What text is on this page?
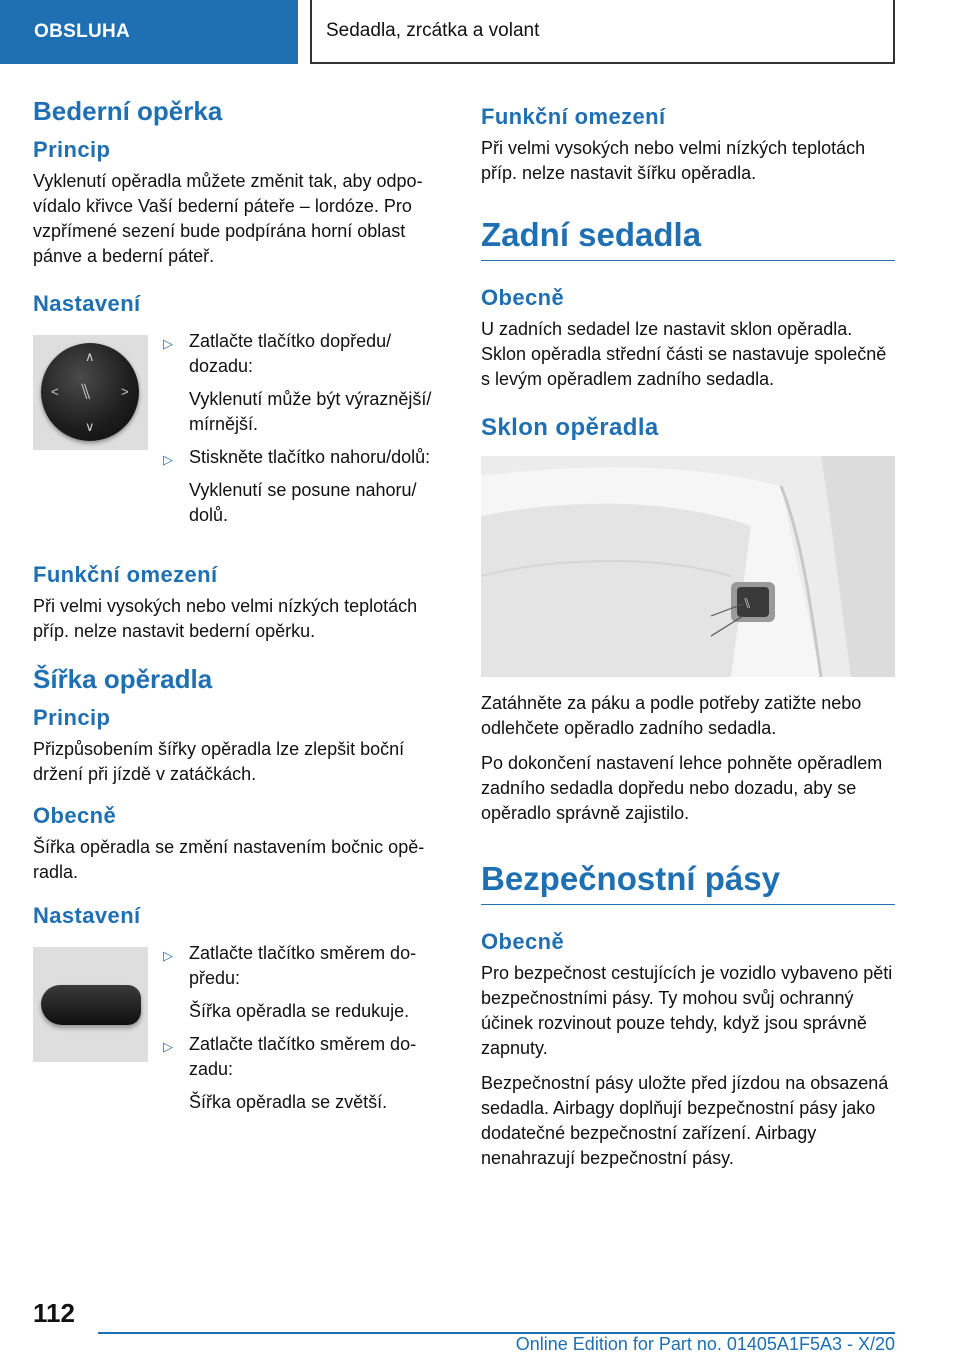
OBSLUHA	Sedadla, zrcátka a volant
Bederní opěrka
Princip

Vyklenutí opěradla můžete změnit tak, aby odpovídalo křivce Vaší bederní páteře – lordóze. Pro vzpřímené sezení bude podpírána horní oblast pánve a bederní páteř.

Nastavení
∧
∨
<	>
⑊
▷ Zatlačte tlačítko dopředu/ dozadu:
Vyklenutí může být výraznější/ mírnější.
▷ Stiskněte tlačítko nahoru/dolů:
Vyklenutí se posune nahoru/ dolů.
Funkční omezení

Při velmi vysokých nebo velmi nízkých teplotách příp. nelze nastavit bederní opěrku.

Šířka opěradla
Princip

Přizpůsobením šířky opěradla lze zlepšit boční držení při jízdě v zatáčkách.

Obecně

Šířka opěradla se změní nastavením bočnic opěradla.

Nastavení
▷ Zatlačte tlačítko směrem dopředu:
Šířka opěradla se redukuje.
▷ Zatlačte tlačítko směrem dozadu:
Šířka opěradla se zvětší.
Funkční omezení

Při velmi vysokých nebo velmi nízkých teplotách příp. nelze nastavit šířku opěradla.

Zadní sedadla
Obecně

U zadních sedadel lze nastavit sklon opěradla. Sklon opěradla střední části se nastavuje společně s levým opěradlem zadního sedadla.

Sklon opěradla
⑊

Zatáhněte za páku a podle potřeby zatižte nebo odlehčete opěradlo zadního sedadla.

Po dokončení nastavení lehce pohněte opěradlem zadního sedadla dopředu nebo dozadu, aby se opěradlo správně zajistilo.

Bezpečnostní pásy
Obecně

Pro bezpečnost cestujících je vozidlo vybaveno pěti bezpečnostními pásy. Ty mohou svůj ochranný účinek rozvinout pouze tehdy, když jsou správně zapnuty.

Bezpečnostní pásy uložte před jízdou na obsazená sedadla. Airbagy doplňují bezpečnostní pásy jako dodatečné bezpečnostní zařízení. Airbagy nenahrazují bezpečnostní pásy.

112
Online Edition for Part no. 01405A1F5A3 - X/20
